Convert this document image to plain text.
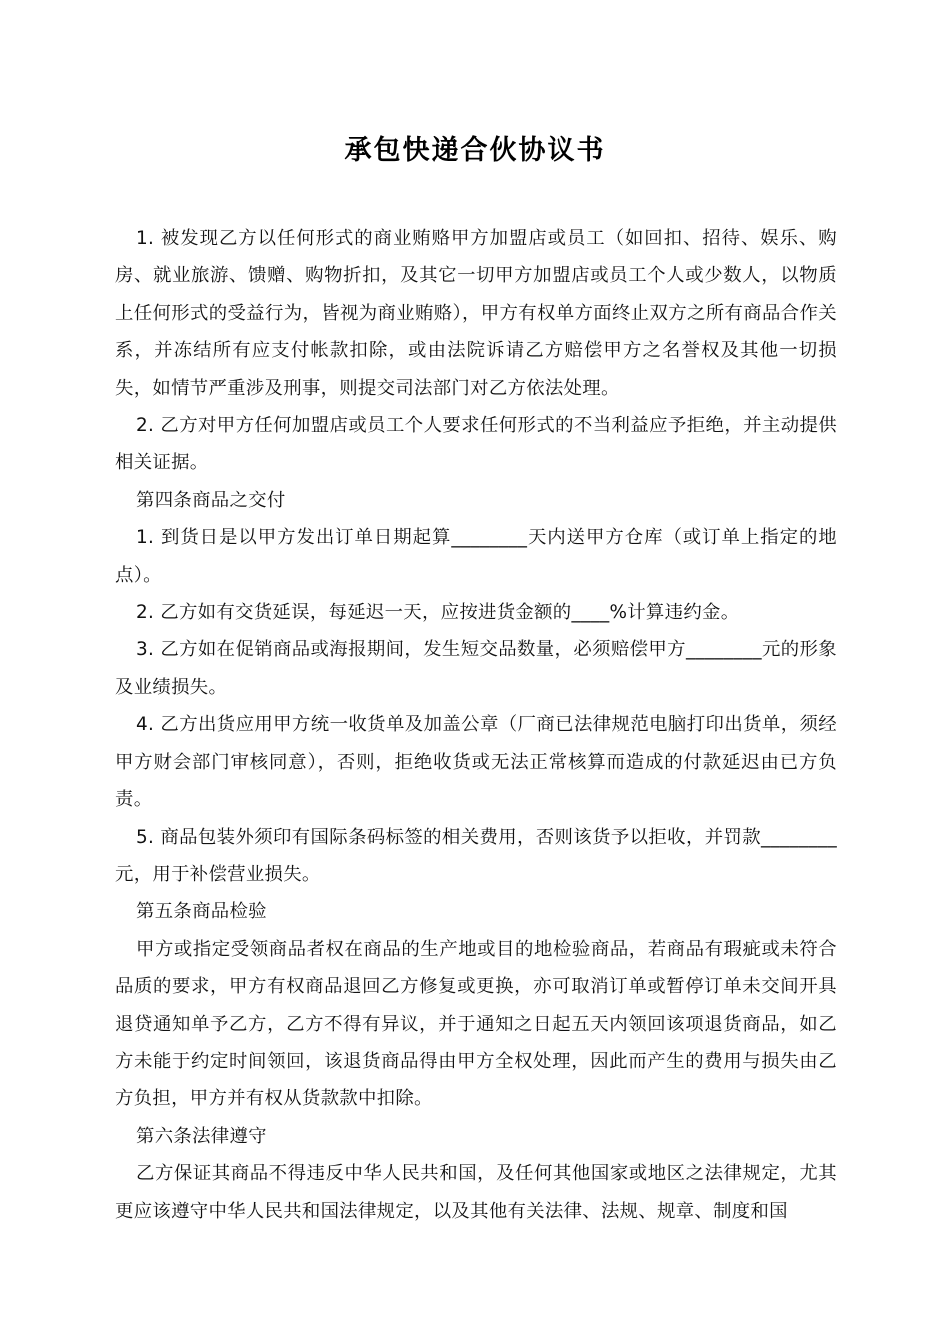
承包快递合伙协议书

1. 被发现乙方以任何形式的商业贿赂甲方加盟店或员工（如回扣、招待、娱乐、购房、就业旅游、馈赠、购物折扣，及其它一切甲方加盟店或员工个人或少数人，以物质上任何形式的受益行为，皆视为商业贿赂），甲方有权单方面终止双方之所有商品合作关系，并冻结所有应支付帐款扣除，或由法院诉请乙方赔偿甲方之名誉权及其他一切损失，如情节严重涉及刑事，则提交司法部门对乙方依法处理。

2. 乙方对甲方任何加盟店或员工个人要求任何形式的不当利益应予拒绝，并主动提供相关证据。

第四条商品之交付

1. 到货日是以甲方发出订单日期起算________天内送甲方仓库（或订单上指定的地点）。

2. 乙方如有交货延误，每延迟一天，应按进货金额的____%计算违约金。

3. 乙方如在促销商品或海报期间，发生短交品数量，必须赔偿甲方________元的形象及业绩损失。

4. 乙方出货应用甲方统一收货单及加盖公章（厂商已法律规范电脑打印出货单，须经甲方财会部门审核同意），否则，拒绝收货或无法正常核算而造成的付款延迟由已方负责。

5. 商品包装外须印有国际条码标签的相关费用，否则该货予以拒收，并罚款________元，用于补偿营业损失。

第五条商品检验

甲方或指定受领商品者权在商品的生产地或目的地检验商品，若商品有瑕疵或未符合品质的要求，甲方有权商品退回乙方修复或更换，亦可取消订单或暂停订单未交间开具退贷通知单予乙方，乙方不得有异议，并于通知之日起五天内领回该项退货商品，如乙方未能于约定时间领回，该退货商品得由甲方全权处理，因此而产生的费用与损失由乙方负担，甲方并有权从货款款中扣除。

第六条法律遵守

乙方保证其商品不得违反中华人民共和国，及任何其他国家或地区之法律规定，尤其更应该遵守中华人民共和国法律规定，以及其他有关法律、法规、规章、制度和国
